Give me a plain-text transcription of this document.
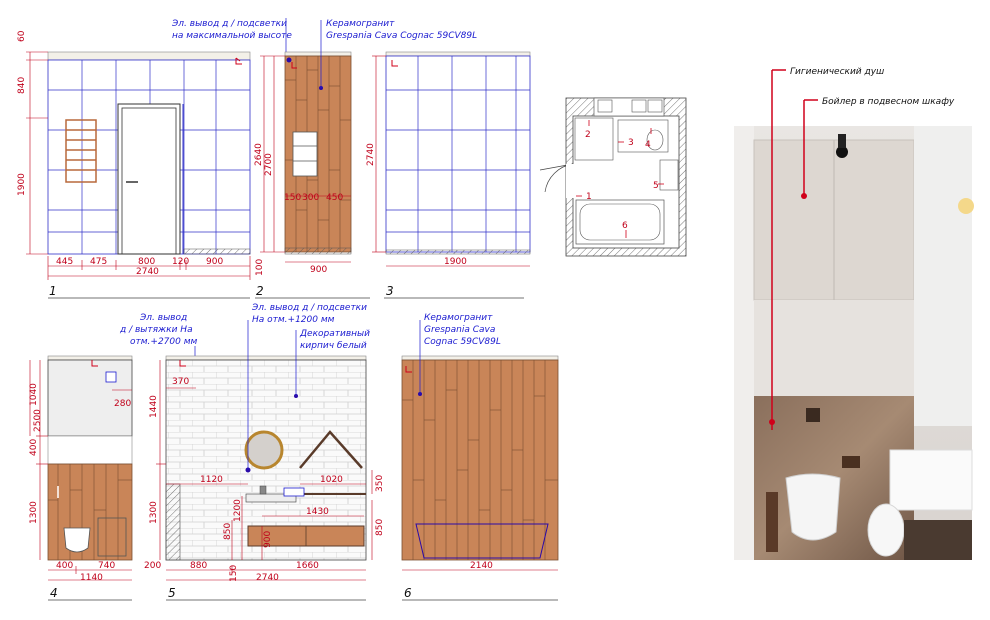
60
840
1900
445 475	800 120 900
2740
1
Эл. вывод д / подсветки
на максимальной высоте
2640 2700
100
150 300 450
900
2
Керамогранит
Grespania Cava Cognac 59CV89L
2740
1900
3
2
3 4
5
1
6
1040
2500
400
1300
280
400	740
1140
4
Эл. вывод
д / вытяжки На
отм.+2700 мм
1440
1300
200
370
1120	1020
1430
350
850
1200
850	900
880	1660
150 2740
5
Эл. вывод д / подсветки
На отм.+1200 мм
Декоративный
кирпич белый
2140
6
Керамогранит
Grespania Cava
Cognac 59CV89L
Гигиенический душ
Бойлер в подвесном шкафу
